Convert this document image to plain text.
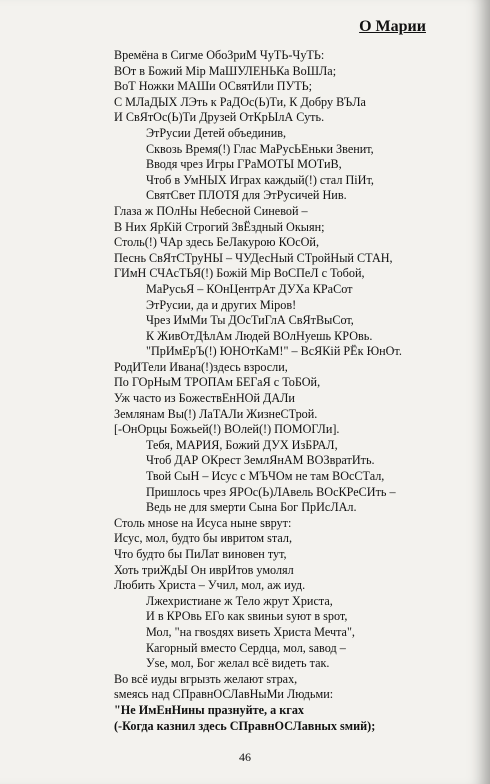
О Марии
Времёна в Сигме ОбоЗриМ ЧуТЬ-ЧуТЬ:
ВОт в Божий Mip МаШУЛЕНЬКа ВоШЛа;
ВоТ Ножки МАШи ОСвятИли ПУТЬ;
С МЛаДЫХ ЛЭть к РаДОс(Ь)Ти, К Добру ВЪЛа
И СвЯтОс(Ь)Ти Друзей ОтКрЫлА Суть.
ЭтРусии Детей объединив,
Сквозь Время(!) Глас МаРусЬЕньки Звенит,
Вводя чрез Игры ГРаМОТЫ МОТиВ,
Чтоб в УмНЫХ Играх каждый(!) стал ПіИт,
СвятСвет ПЛОТЯ для ЭтРусичей Нив.
Глаза ж ПОлНы Небесной Синевой –
В Них ЯрКій Строгий ЗвЁздный Окыян;
Столь(!) ЧАр здесь БеЛакурою КОсОй,
Песнь СвЯтСТруНЫ – ЧУДесНый СТройНый СТАН,
ГИмН СЧАсТЬЯ(!) Божій Mip ВоСПеЛ с Тобой,
МаРусьЯ – КОнЦентрАт ДУХа КРаСот
ЭтРусии, да и других Міров!
Чрез ИмМи Ты ДОсТиГлА СвЯтВыСот,
К ЖивОтДѣлАм Людей ВОлНуешь КРОвь.
"ПрИмЕрЪ(!) ЮНОтКаМ!" – ВсЯКій РЁк ЮнОт.
РодИТели Ивана(!)здесь взросли,
По ГОрНыМ ТРОПАм БЕГаЯ с ТоБОй,
Уж часто из БожествЕнНОй ДАЛи
Землянам Вы(!) ЛаТАЛи ЖизнеСТрой.
[-ОнОрцы Божьей(!) ВОлей(!) ПОМОГЛи].
Тебя, МАРИЯ, Божий ДУХ ИзБРАЛ,
Чтоб ДАР ОКрест ЗемлЯнАМ ВОЗвратИть.
Твой СыН – Исус с МЪЧОм не там ВОсСТал,
Пришлось чрез ЯРОс(Ь)ЛАвель ВОсКРеСИть –
Ведь не для sмерти Сына Бог ПрИсЛАл.
Столь мноsе на Исуса ныне sврут:
Исус, мол, будто бы ивритом sтал,
Что будто бы ПиЛат виновен тут,
Хоть триЖдЫ Он иврИтов умолял
Любить Христа – Учил, мол, аж иуд.
Лжехристиане ж Тело жрут Христа,
И в КРОвь ЕГо как sвиньи sуют в sрот,
Мол, "на гвоsдях виsеть Христа Мечта",
Кагорный вместо Сердца, мол, sавод –
Уsе, мол, Бог желал всё видеть так.
Во всё иуды вгрызть желают sтрах,
sмеясь над СПравнОСЛавНыМи Людьми:
"Не ИмЕнНины празнуйте, а кгах
(-Когда казнил здесь СПравнОСЛавных sмий);
46
